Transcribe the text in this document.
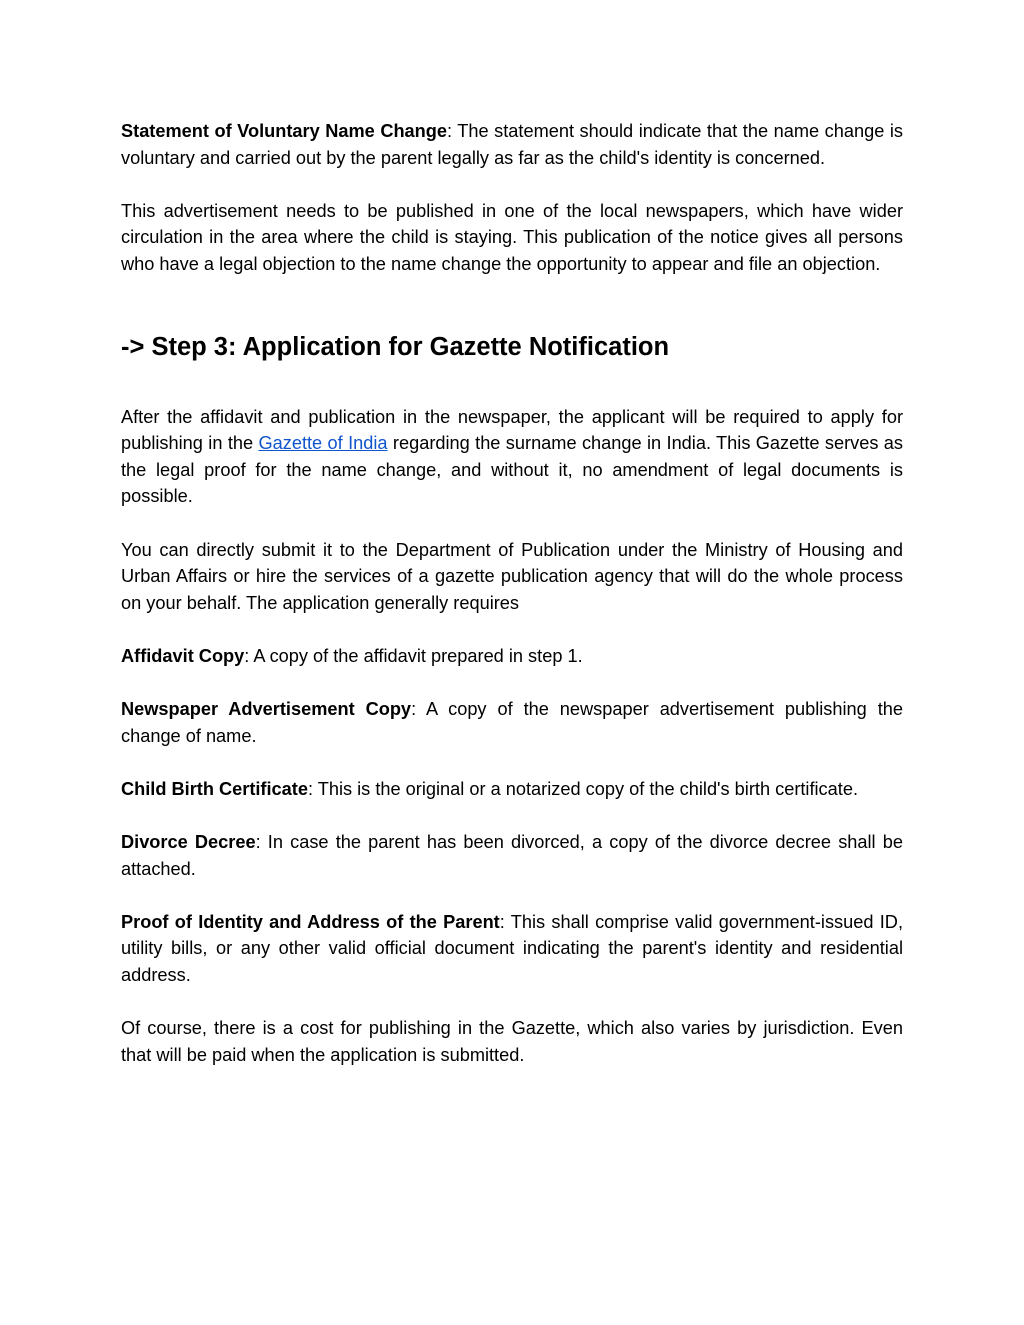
Statement of Voluntary Name Change: The statement should indicate that the name change is voluntary and carried out by the parent legally as far as the child's identity is concerned.

This advertisement needs to be published in one of the local newspapers, which have wider circulation in the area where the child is staying. This publication of the notice gives all persons who have a legal objection to the name change the opportunity to appear and file an objection.

-> Step 3: Application for Gazette Notification

After the affidavit and publication in the newspaper, the applicant will be required to apply for publishing in the Gazette of India regarding the surname change in India. This Gazette serves as the legal proof for the name change, and without it, no amendment of legal documents is possible.

You can directly submit it to the Department of Publication under the Ministry of Housing and Urban Affairs or hire the services of a gazette publication agency that will do the whole process on your behalf. The application generally requires

Affidavit Copy: A copy of the affidavit prepared in step 1.

Newspaper Advertisement Copy: A copy of the newspaper advertisement publishing the change of name.

Child Birth Certificate: This is the original or a notarized copy of the child's birth certificate.

Divorce Decree: In case the parent has been divorced, a copy of the divorce decree shall be attached.

Proof of Identity and Address of the Parent: This shall comprise valid government-issued ID, utility bills, or any other valid official document indicating the parent's identity and residential address.

Of course, there is a cost for publishing in the Gazette, which also varies by jurisdiction. Even that will be paid when the application is submitted.
